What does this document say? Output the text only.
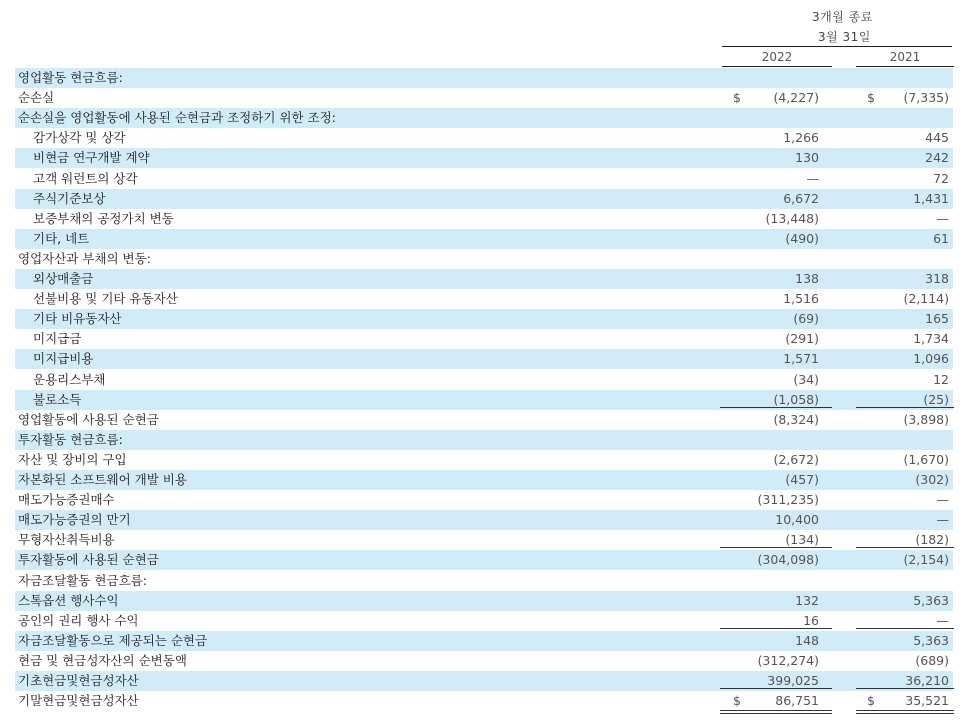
3개월 종료
3월 31일
2022	2021
영업활동 현금흐름:
순손실	$	(4,227)	$	(7,335)
순손실을 영업활동에 사용된 순현금과 조정하기 위한 조정:
감가상각 및 상각	1,266	445
비현금 연구개발 계약	130	242
고객 워런트의 상각	—	72
주식기준보상	6,672	1,431
보증부채의 공정가치 변동	(13,448)	—
기타, 네트	(490)	61
영업자산과 부채의 변동:
외상매출금	138	318
선불비용 및 기타 유동자산	1,516	(2,114)
기타 비유동자산	(69)	165
미지급금	(291)	1,734
미지급비용	1,571	1,096
운용리스부채	(34)	12
불로소득	(1,058)	(25)
영업활동에 사용된 순현금	(8,324)	(3,898)
투자활동 현금흐름:
자산 및 장비의 구입	(2,672)	(1,670)
자본화된 소프트웨어 개발 비용	(457)	(302)
매도가능증권매수	(311,235)	—
매도가능증권의 만기	10,400	—
무형자산취득비용	(134)	(182)
투자활동에 사용된 순현금	(304,098)	(2,154)
자금조달활동 현금흐름:
스톡옵션 행사수익	132	5,363
공인의 권리 행사 수익	16	—
자금조달활동으로 제공되는 순현금	148	5,363
현금 및 현금성자산의 순변동액	(312,274)	(689)
기초현금및현금성자산	399,025	36,210
기말현금및현금성자산	$	86,751	$	35,521
